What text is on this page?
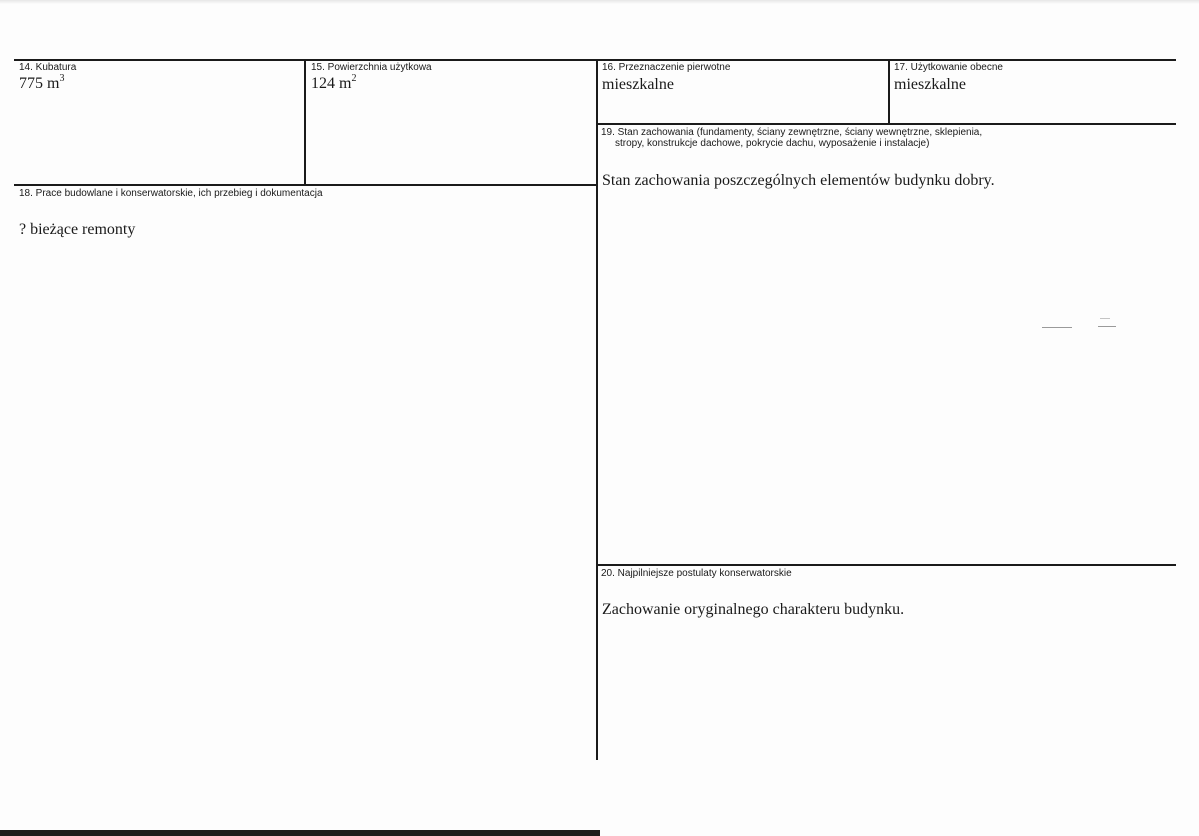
14. Kubatura
775 $m^3$
15. Powierzchnia użytkowa
124 $m^2$
16. Przeznaczenie pierwotne
mieszkalne
17. Użytkowanie obecne
mieszkalne
19. Stan zachowania (fundamenty, ściany zewnętrzne, ściany wewnętrzne, sklepienia,
stropy, konstrukcje dachowe, pokrycie dachu, wyposażenie i instalacje)
Stan zachowania poszczególnych elementów budynku dobry.
18. Prace budowlane i konserwatorskie, ich przebieg i dokumentacja
? bieżące remonty
20. Najpilniejsze postulaty konserwatorskie
Zachowanie oryginalnego charakteru budynku.
